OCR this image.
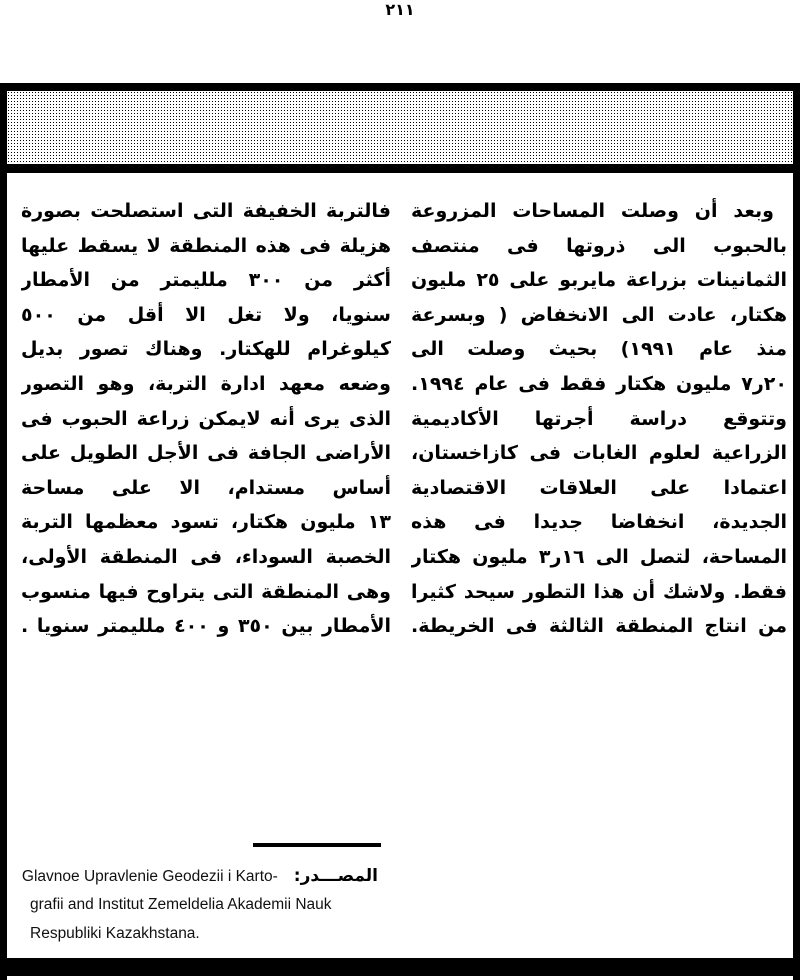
٢١١
وبعد أن وصلت المساحات المزروعة
بالحبوب الى ذروتها فى منتصف
الثمانينات بزراعة مايربو على ٢٥ مليون
هكتار، عادت الى الانخفاض ( وبسرعة
منذ عام ١٩٩١) بحيث وصلت الى
٢٠ر٧ مليون هكتار فقط فى عام ١٩٩٤.
وتتوقع دراسة أجرتها الأكاديمية
الزراعية لعلوم الغابات فى كازاخستان،
اعتمادا على العلاقات الاقتصادية
الجديدة، انخفاضا جديدا فى هذه
المساحة، لتصل الى ١٦ر٣ مليون هكتار
فقط. ولاشك أن هذا التطور سيحد كثيرا
من انتاج المنطقة الثالثة فى الخريطة.
فالتربة الخفيفة التى استصلحت بصورة
هزيلة فى هذه المنطقة لا يسقط عليها
أكثر من ٣٠٠ ملليمتر من الأمطار
سنويا، ولا تغل الا أقل من ٥٠٠
كيلوغرام للهكتار. وهناك تصور بديل
وضعه معهد ادارة التربة، وهو التصور
الذى يرى أنه لايمكن زراعة الحبوب فى
الأراضى الجافة فى الأجل الطويل على
أساس مستدام، الا على مساحة
١٣ مليون هكتار، تسود معظمها التربة
الخصبة السوداء، فى المنطقة الأولى،
وهى المنطقة التى يتراوح فيها منسوب
الأمطار بين ٣٥٠ و ٤٠٠ ملليمتر سنويا .
المصـــدر:Glavnoe Upravlenie Geodezii i Karto-
grafii and Institut Zemeldelia Akademii Nauk
Respubliki Kazakhstana.
